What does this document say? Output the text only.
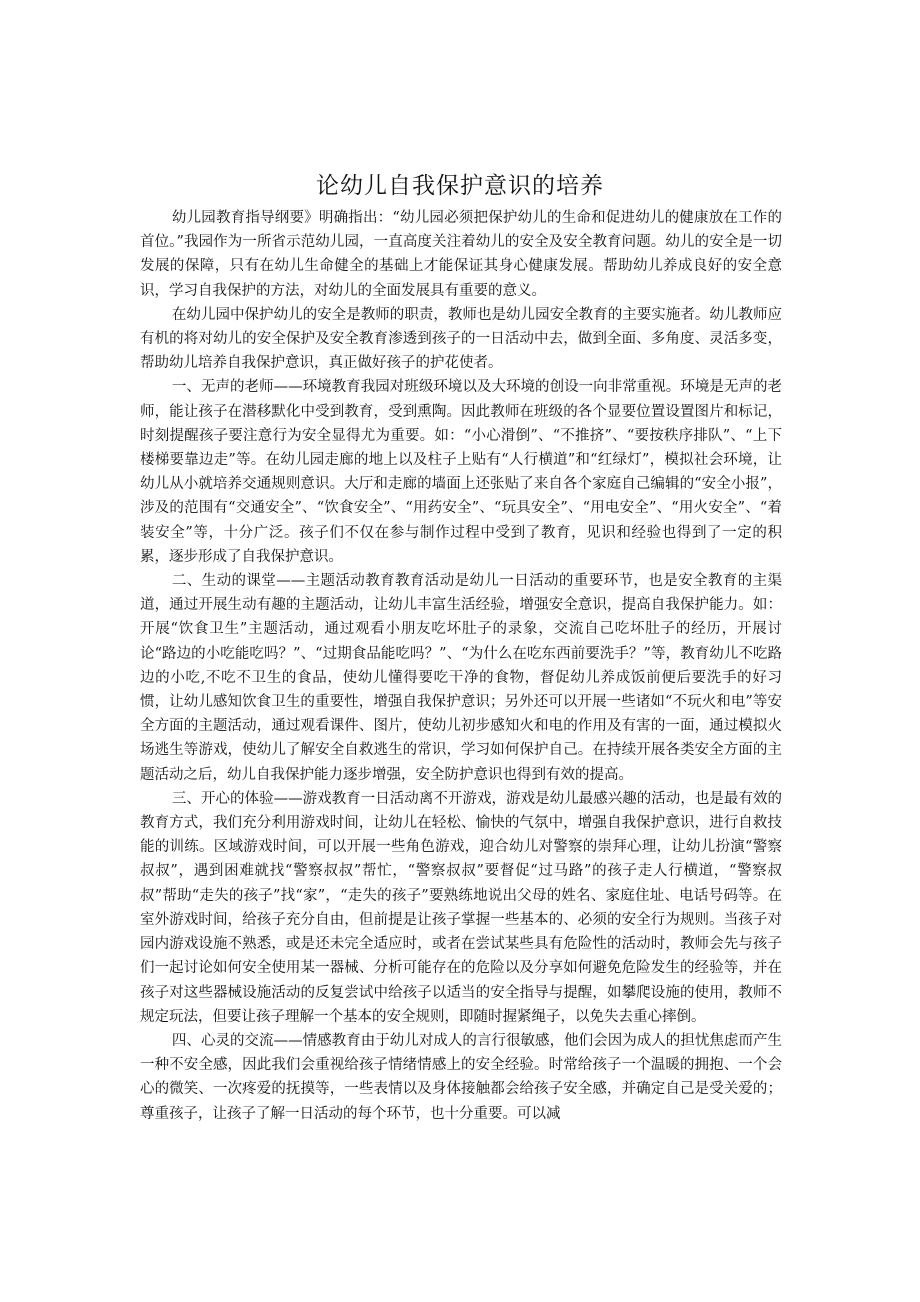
论幼儿自我保护意识的培养

幼儿园教育指导纲要》明确指出：“幼儿园必须把保护幼儿的生命和促进幼儿的健康放在工作的首位。”我园作为一所省示范幼儿园，一直高度关注着幼儿的安全及安全教育问题。幼儿的安全是一切发展的保障，只有在幼儿生命健全的基础上才能保证其身心健康发展。帮助幼儿养成良好的安全意识，学习自我保护的方法，对幼儿的全面发展具有重要的意义。

在幼儿园中保护幼儿的安全是教师的职责，教师也是幼儿园安全教育的主要实施者。幼儿教师应有机的将对幼儿的安全保护及安全教育渗透到孩子的一日活动中去，做到全面、多角度、灵活多变，帮助幼儿培养自我保护意识，真正做好孩子的护花使者。

一、无声的老师——环境教育我园对班级环境以及大环境的创设一向非常重视。环境是无声的老师，能让孩子在潜移默化中受到教育，受到熏陶。因此教师在班级的各个显要位置设置图片和标记，时刻提醒孩子要注意行为安全显得尤为重要。如：“小心滑倒”、“不推挤”、“要按秩序排队”、“上下楼梯要靠边走”等。在幼儿园走廊的地上以及柱子上贴有“人行横道”和“红绿灯”，模拟社会环境，让幼儿从小就培养交通规则意识。大厅和走廊的墙面上还张贴了来自各个家庭自己编辑的“安全小报”，涉及的范围有“交通安全”、“饮食安全”、“用药安全”、“玩具安全”、“用电安全”、“用火安全”、“着装安全”等，十分广泛。孩子们不仅在参与制作过程中受到了教育，见识和经验也得到了一定的积累，逐步形成了自我保护意识。

二、生动的课堂——主题活动教育教育活动是幼儿一日活动的重要环节，也是安全教育的主渠道，通过开展生动有趣的主题活动，让幼儿丰富生活经验，增强安全意识，提高自我保护能力。如：开展“饮食卫生”主题活动，通过观看小朋友吃坏肚子的录象，交流自己吃坏肚子的经历，开展讨论“路边的小吃能吃吗？”、“过期食品能吃吗？”、“为什么在吃东西前要洗手？”等，教育幼儿不吃路边的小吃,不吃不卫生的食品，使幼儿懂得要吃干净的食物，督促幼儿养成饭前便后要洗手的好习惯，让幼儿感知饮食卫生的重要性，增强自我保护意识；另外还可以开展一些诸如“不玩火和电”等安全方面的主题活动，通过观看课件、图片，使幼儿初步感知火和电的作用及有害的一面，通过模拟火场逃生等游戏，使幼儿了解安全自救逃生的常识，学习如何保护自己。在持续开展各类安全方面的主题活动之后，幼儿自我保护能力逐步增强，安全防护意识也得到有效的提高。

三、开心的体验——游戏教育一日活动离不开游戏，游戏是幼儿最感兴趣的活动，也是最有效的教育方式，我们充分利用游戏时间，让幼儿在轻松、愉快的气氛中，增强自我保护意识，进行自救技能的训练。区域游戏时间，可以开展一些角色游戏，迎合幼儿对警察的崇拜心理，让幼儿扮演“警察叔叔”，遇到困难就找“警察叔叔”帮忙，“警察叔叔”要督促“过马路”的孩子走人行横道，“警察叔叔”帮助“走失的孩子”找“家”，“走失的孩子”要熟练地说出父母的姓名、家庭住址、电话号码等。在室外游戏时间，给孩子充分自由，但前提是让孩子掌握一些基本的、必须的安全行为规则。当孩子对园内游戏设施不熟悉，或是还未完全适应时，或者在尝试某些具有危险性的活动时，教师会先与孩子们一起讨论如何安全使用某一器械、分析可能存在的危险以及分享如何避免危险发生的经验等，并在孩子对这些器械设施活动的反复尝试中给孩子以适当的安全指导与提醒，如攀爬设施的使用，教师不规定玩法，但要让孩子理解一个基本的安全规则，即随时握紧绳子，以免失去重心摔倒。

四、心灵的交流——情感教育由于幼儿对成人的言行很敏感，他们会因为成人的担忧焦虑而产生一种不安全感，因此我们会重视给孩子情绪情感上的安全经验。时常给孩子一个温暖的拥抱、一个会心的微笑、一次疼爱的抚摸等，一些表情以及身体接触都会给孩子安全感，并确定自己是受关爱的；尊重孩子，让孩子了解一日活动的每个环节，也十分重要。可以减
